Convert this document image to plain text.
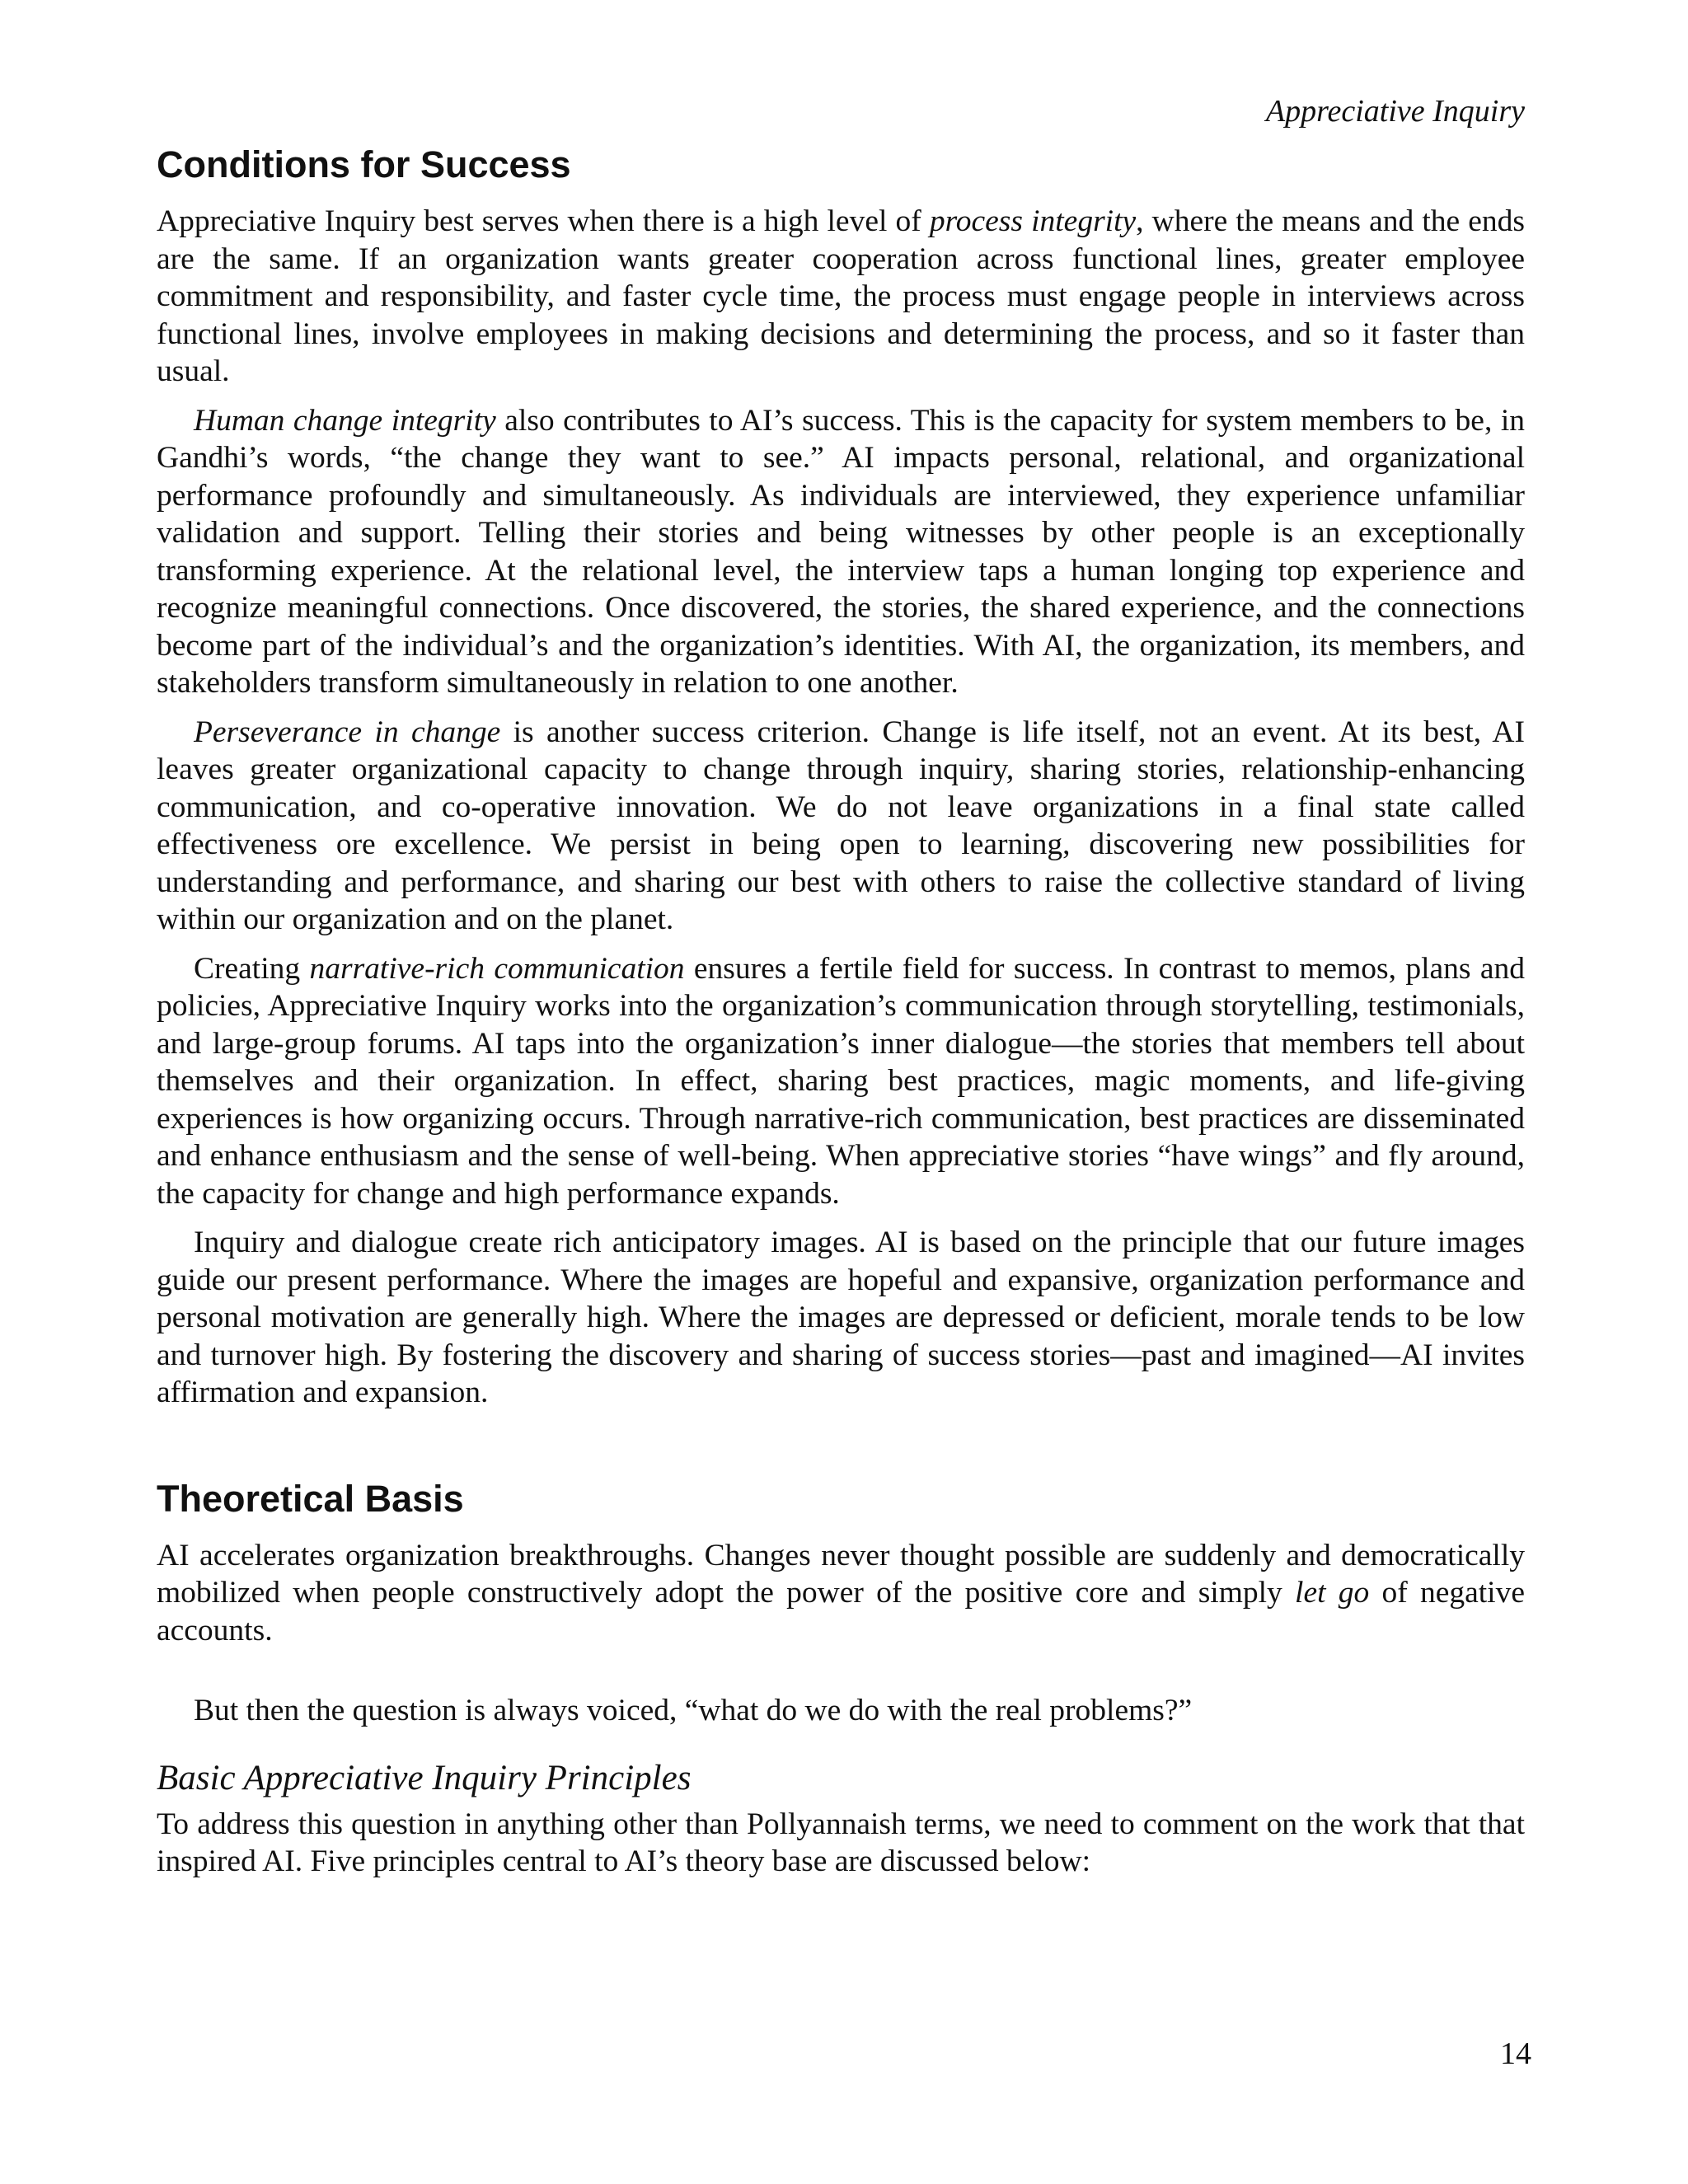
Appreciative Inquiry
Conditions for Success

Appreciative Inquiry best serves when there is a high level of process integrity, where the means and the ends are the same. If an organization wants greater cooperation across functional lines, greater employee commitment and responsibility, and faster cycle time, the process must engage people in interviews across functional lines, involve employees in making decisions and determining the process, and so it faster than usual.

Human change integrity also contributes to AI’s success. This is the capacity for system members to be, in Gandhi’s words, “the change they want to see.” AI impacts personal, relational, and organizational performance profoundly and simultaneously. As individuals are interviewed, they experience unfamiliar validation and support. Telling their stories and being witnesses by other people is an exceptionally transforming experience. At the relational level, the interview taps a human longing top experience and recognize meaningful connections. Once discovered, the stories, the shared experience, and the connections become part of the individual’s and the organization’s identities. With AI, the organization, its members, and stakeholders transform simultaneously in relation to one another.

Perseverance in change is another success criterion. Change is life itself, not an event. At its best, AI leaves greater organizational capacity to change through inquiry, sharing stories, relationship-enhancing communication, and co-operative innovation. We do not leave organizations in a final state called effectiveness ore excellence. We persist in being open to learning, discovering new possibilities for understanding and performance, and sharing our best with others to raise the collective standard of living within our organization and on the planet.

Creating narrative-rich communication ensures a fertile field for success. In contrast to memos, plans and policies, Appreciative Inquiry works into the organization’s communication through storytelling, testimonials, and large-group forums. AI taps into the organization’s inner dialogue—the stories that members tell about themselves and their organization. In effect, sharing best practices, magic moments, and life-giving experiences is how organizing occurs. Through narrative-rich communication, best practices are disseminated and enhance enthusiasm and the sense of well-being. When appreciative stories “have wings” and fly around, the capacity for change and high performance expands.

Inquiry and dialogue create rich anticipatory images. AI is based on the principle that our future images guide our present performance. Where the images are hopeful and expansive, organization performance and personal motivation are generally high. Where the images are depressed or deficient, morale tends to be low and turnover high. By fostering the discovery and sharing of success stories—past and imagined—AI invites affirmation and expansion.

Theoretical Basis

AI accelerates organization breakthroughs. Changes never thought possible are suddenly and democratically mobilized when people constructively adopt the power of the positive core and simply let go of negative accounts.

But then the question is always voiced, “what do we do with the real problems?”

Basic Appreciative Inquiry Principles

To address this question in anything other than Pollyannaish terms, we need to comment on the work that that inspired AI. Five principles central to AI’s theory base are discussed below:

14
